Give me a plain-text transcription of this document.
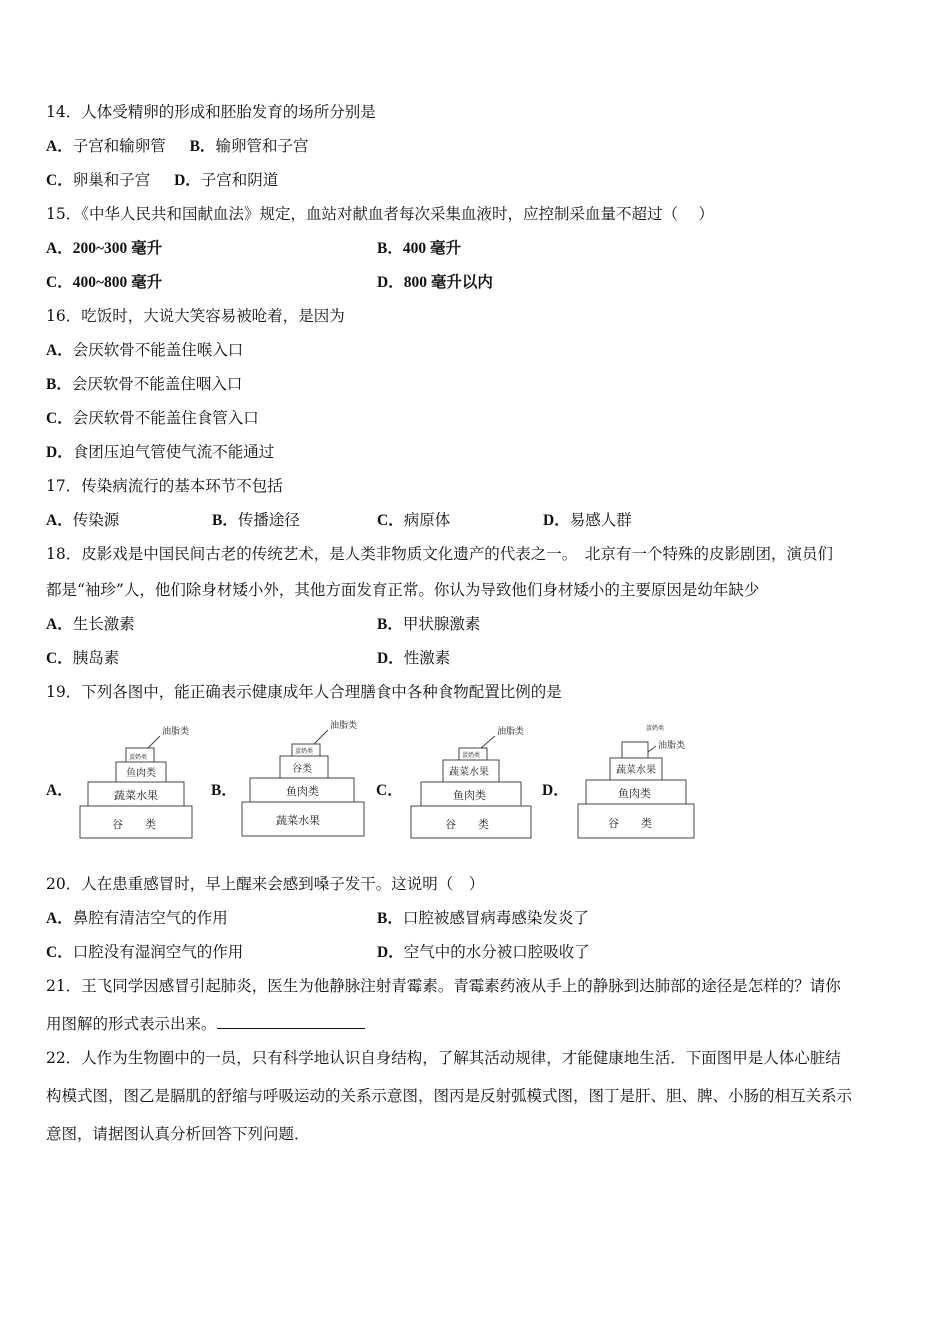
14．人体受精卵的形成和胚胎发育的场所分别是
A．子宫和输卵管 B．输卵管和子宫
C．卵巢和子宫 D．子宫和阴道
15．《中华人民共和国献血法》规定，血站对献血者每次采集血液时，应控制采血量不超过（　 ）
A．200~300 毫升	B．400 毫升
C．400~800 毫升	D．800 毫升以内
16．吃饭时，大说大笑容易被呛着，是因为
A．会厌软骨不能盖住喉入口
B．会厌软骨不能盖住咽入口
C．会厌软骨不能盖住食管入口
D．食团压迫气管使气流不能通过
17．传染病流行的基本环节不包括
A．传染源	B．传播途径	C．病原体	D．易感人群
18．皮影戏是中国民间古老的传统艺术，是人类非物质文化遗产的代表之一。　北京有一个特殊的皮影剧团，演员们
都是“袖珍”人，他们除身材矮小外，其他方面发育正常。你认为导致他们身材矮小的主要原因是幼年缺少
A．生长激素	B．甲状腺激素
C．胰岛素	D．性激素
19．下列各图中，能正确表示健康成年人合理膳食中各种食物配置比例的是
A．
油脂类
蛋奶类
鱼肉类
蔬菜水果
谷　　类
B．
油脂类
蛋奶类
谷类
鱼肉类
蔬菜水果
C．
油脂类
蛋奶类
蔬菜水果
鱼肉类
谷　　类
D．
蛋奶类
油脂类
蔬菜水果
鱼肉类
谷　　类
20．人在患重感冒时，早上醒来会感到嗓子发干。这说明（　）
A．鼻腔有清洁空气的作用	B．口腔被感冒病毒感染发炎了
C．口腔没有湿润空气的作用	D．空气中的水分被口腔吸收了
21．王飞同学因感冒引起肺炎，医生为他静脉注射青霉素。青霉素药液从手上的静脉到达肺部的途径是怎样的？请你
用图解的形式表示出来。
22．人作为生物圈中的一员，只有科学地认识自身结构，了解其活动规律，才能健康地生活．下面图甲是人体心脏结
构模式图，图乙是膈肌的舒缩与呼吸运动的关系示意图，图丙是反射弧模式图，图丁是肝、胆、脾、小肠的相互关系示
意图，请据图认真分析回答下列问题．
